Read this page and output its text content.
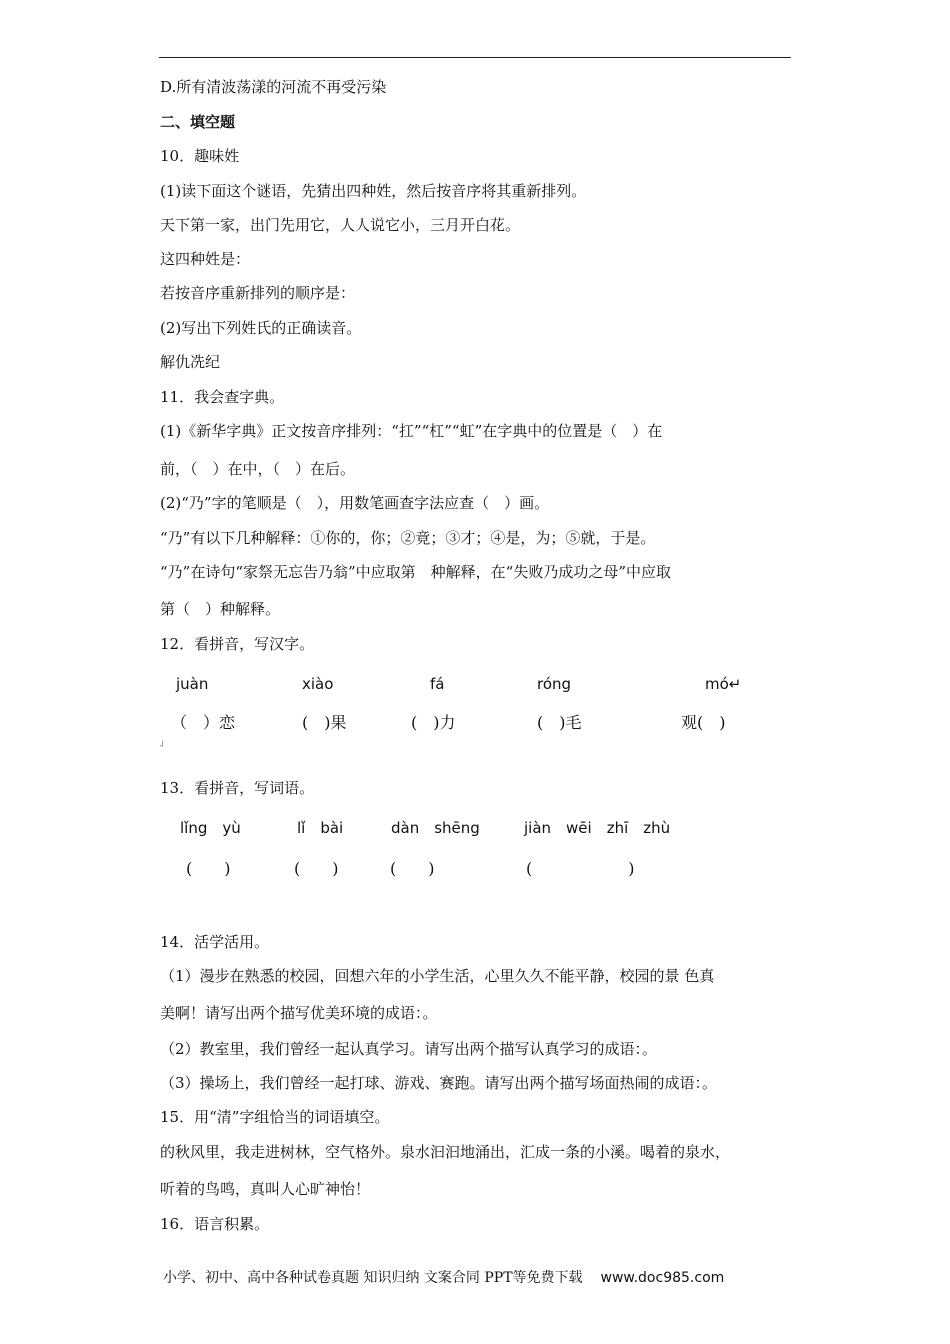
D.所有清波荡漾的河流不再受污染
二、填空题
10．趣味姓
(1)读下面这个谜语，先猜出四种姓，然后按音序将其重新排列。
天下第一家，出门先用它，人人说它小，三月开白花。
这四种姓是：
若按音序重新排列的顺序是：
(2)写出下列姓氏的正确读音。
解仇冼纪
11．我会查字典。
(1)《新华字典》正文按音序排列：“扛”“杠”“虹”在字典中的位置是（　）在
前，（　）在中，（　）在后。
(2)“乃”字的笔顺是（　），用数笔画查字法应查（　）画。
“乃”有以下几种解释：①你的，你；②竟；③才；④是，为；⑤就，于是。
“乃”在诗句“家祭无忘告乃翁”中应取第　种解释，在“失败乃成功之母”中应取
第（　）种解释。
12．看拼音，写汉字。
juàn	xiào	fá	róng	mó↵
（　）恋	(　)果	(　)力	(　)毛	观(　)
┘
13．看拼音，写词语。
lǐng　yù	lǐ　bài	dàn　shēng	jiàn　wēi　zhī　zhù
(　　)	(　　)	(　　)	(　　　　　　)
14．活学活用。
（1）漫步在熟悉的校园，回想六年的小学生活，心里久久不能平静，校园的景 色真
美啊！请写出两个描写优美环境的成语：。
（2）教室里，我们曾经一起认真学习。请写出两个描写认真学习的成语：。
（3）操场上，我们曾经一起打球、游戏、赛跑。请写出两个描写场面热闹的成语：。
15．用“清”字组恰当的词语填空。
的秋风里，我走进树林，空气格外。泉水汩汩地涌出，汇成一条的小溪。喝着的泉水，
听着的鸟鸣，真叫人心旷神怡！
16．语言积累。
小学、初中、高中各种试卷真题 知识归纳 文案合同 PPT等免费下载 www.doc985.com
